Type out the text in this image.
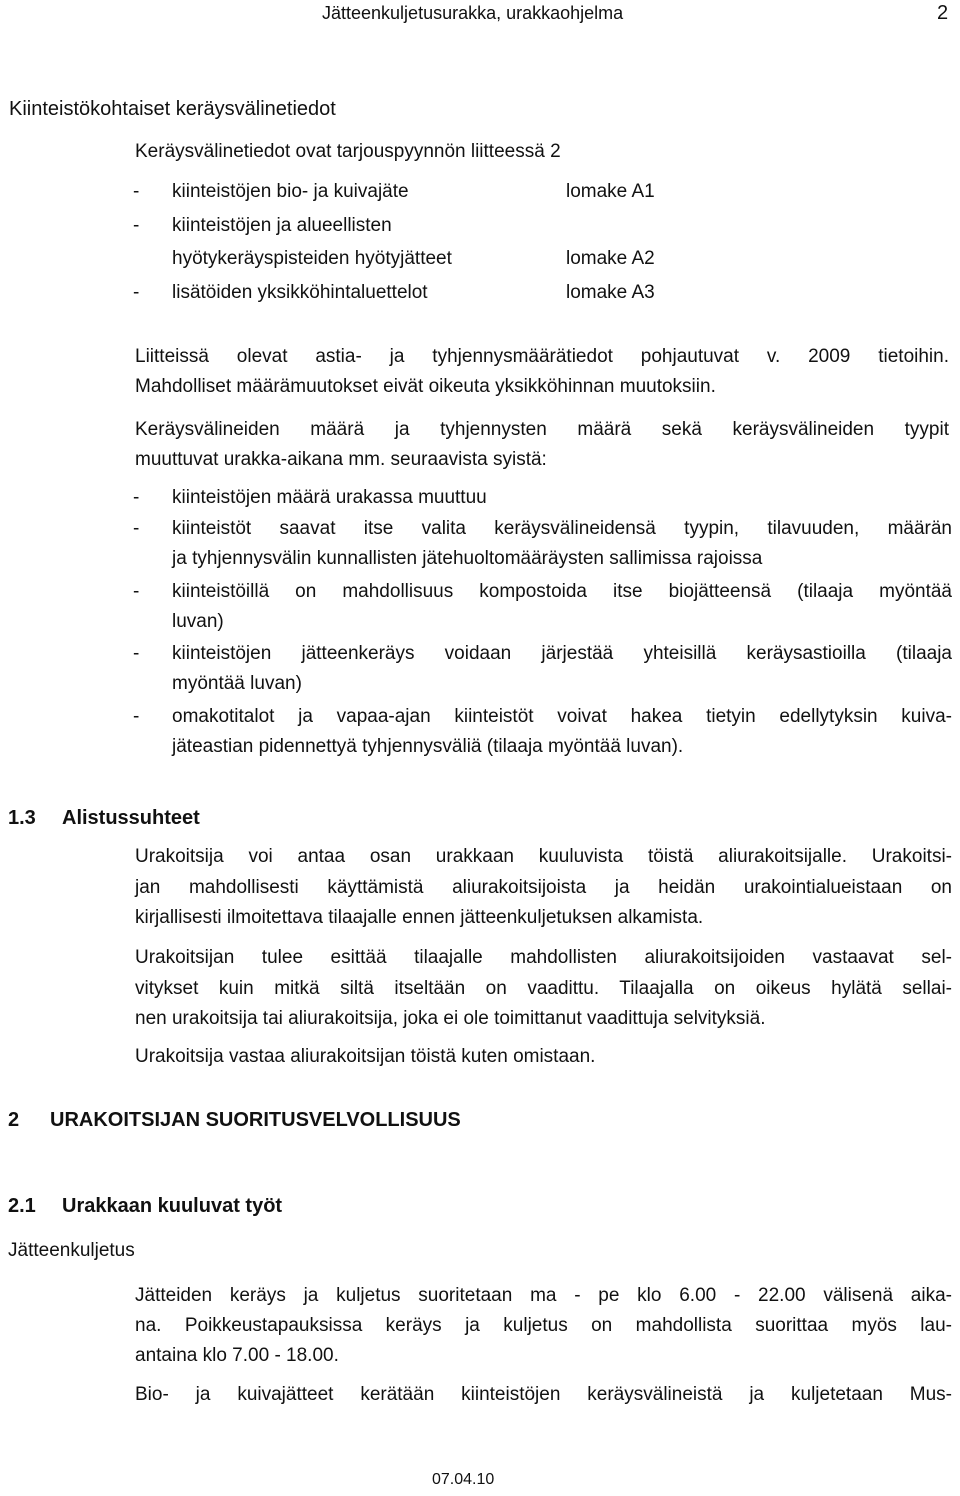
Jätteenkuljetusurakka, urakkaohjelma	2
Kiinteistökohtaiset keräysvälinetiedot
Keräysvälinetiedot ovat tarjouspyynnön liitteessä 2
- kiinteistöjen bio- ja kuivajäte	lomake A1
- kiinteistöjen ja alueellisten
hyötykeräyspisteiden hyötyjätteet	lomake A2
- lisätöiden yksikköhintaluettelot	lomake A3
Liitteissä olevat astia- ja tyhjennysmäärätiedot pohjautuvat v. 2009 tietoihin.
Mahdolliset määrämuutokset eivät oikeuta yksikköhinnan muutoksiin.
Keräysvälineiden määrä ja tyhjennysten määrä sekä keräysvälineiden tyypit
muuttuvat urakka-aikana mm. seuraavista syistä:
- kiinteistöjen määrä urakassa muuttuu
- kiinteistöt saavat itse valita keräysvälineidensä tyypin, tilavuuden, määrän
ja tyhjennysvälin kunnallisten jätehuoltomääräysten sallimissa rajoissa
- kiinteistöillä on mahdollisuus kompostoida itse biojätteensä (tilaaja myöntää
luvan)
- kiinteistöjen jätteenkeräys voidaan järjestää yhteisillä keräysastioilla (tilaaja
myöntää luvan)
- omakotitalot ja vapaa-ajan kiinteistöt voivat hakea tietyin edellytyksin kuiva-
jäteastian pidennettyä tyhjennysväliä (tilaaja myöntää luvan).
1.3 Alistussuhteet
Urakoitsija voi antaa osan urakkaan kuuluvista töistä aliurakoitsijalle. Urakoitsi-
jan mahdollisesti käyttämistä aliurakoitsijoista ja heidän urakointialueistaan on
kirjallisesti ilmoitettava tilaajalle ennen jätteenkuljetuksen alkamista.
Urakoitsijan tulee esittää tilaajalle mahdollisten aliurakoitsijoiden vastaavat sel-
vitykset kuin mitkä siltä itseltään on vaadittu. Tilaajalla on oikeus hylätä sellai-
nen urakoitsija tai aliurakoitsija, joka ei ole toimittanut vaadittuja selvityksiä.
Urakoitsija vastaa aliurakoitsijan töistä kuten omistaan.
2 URAKOITSIJAN SUORITUSVELVOLLISUUS
2.1 Urakkaan kuuluvat työt
Jätteenkuljetus
Jätteiden keräys ja kuljetus suoritetaan ma - pe klo 6.00 - 22.00 välisenä aika-
na. Poikkeustapauksissa keräys ja kuljetus on mahdollista suorittaa myös lau-
antaina klo 7.00 - 18.00.
Bio- ja kuivajätteet kerätään kiinteistöjen keräysvälineistä ja kuljetetaan Mus-
07.04.10
